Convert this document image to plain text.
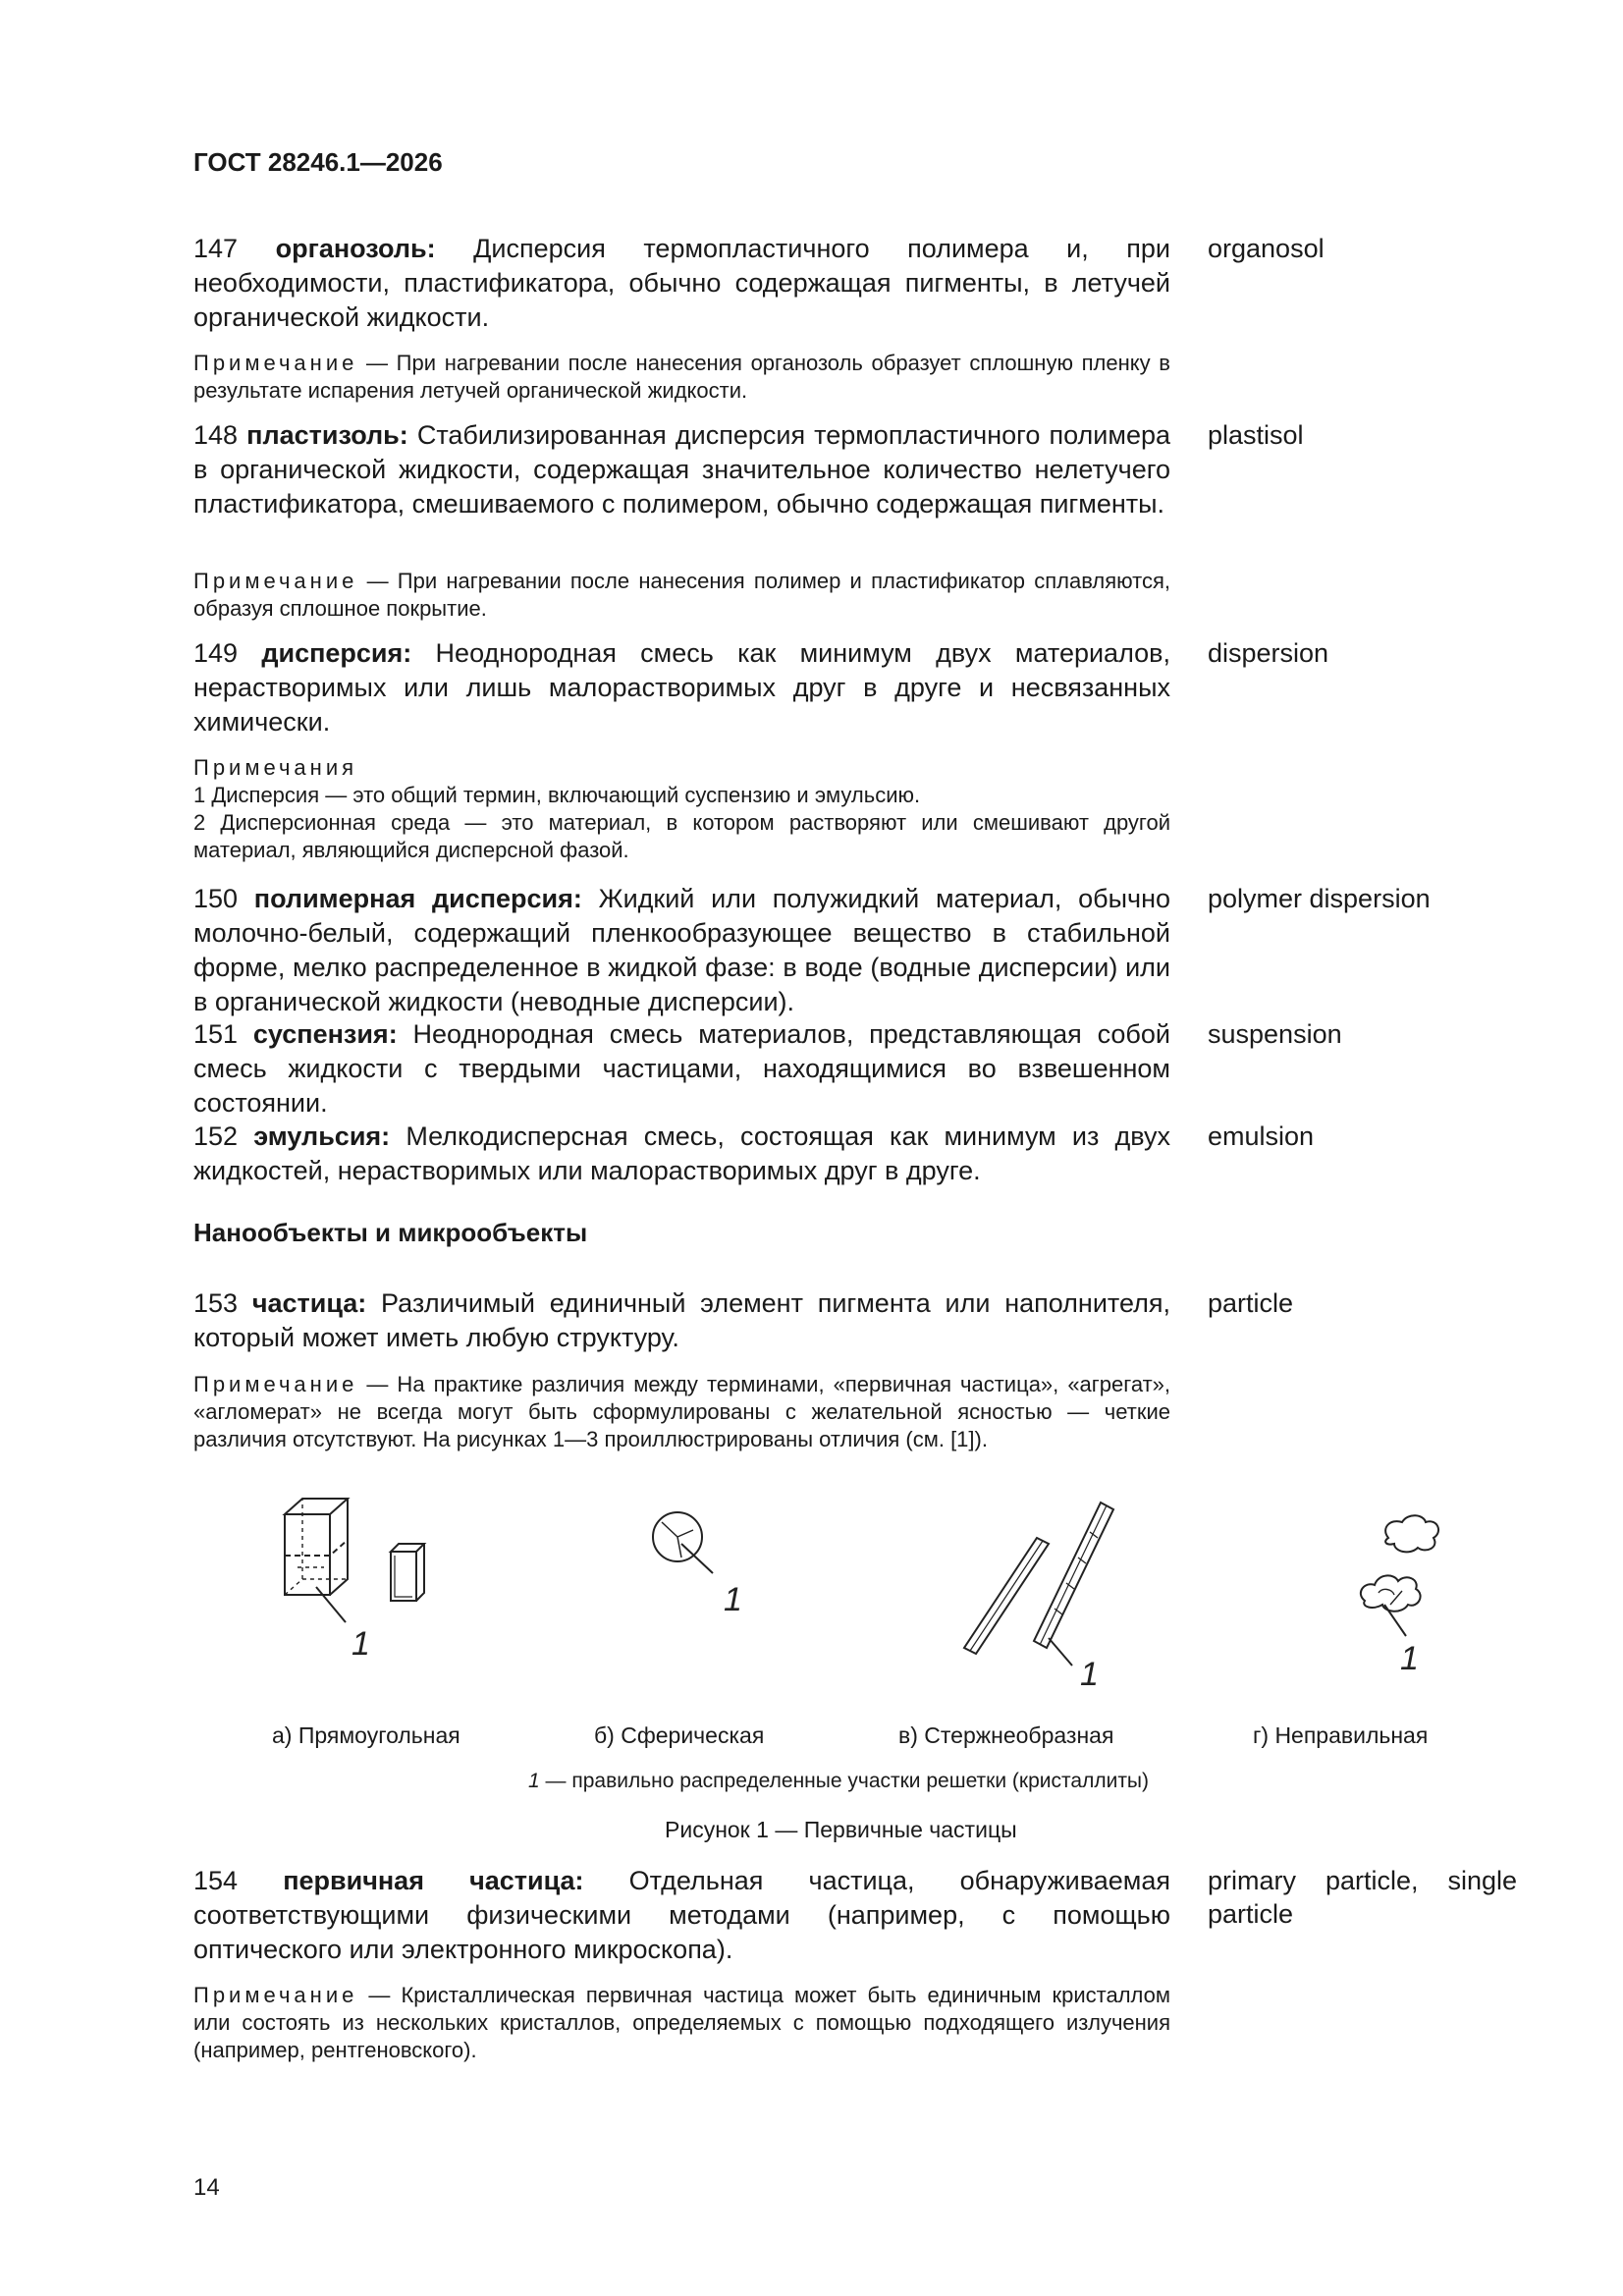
ГОСТ 28246.1—2026
147 органозоль: Дисперсия термопластичного полимера и, при необходимости, пластификатора, обычно содержащая пигменты, в летучей органической жидкости.
organosol
Примечание — При нагревании после нанесения органозоль образует сплошную пленку в результате испарения летучей органической жидкости.
148 пластизоль: Стабилизированная дисперсия термопластичного полимера в органической жидкости, содержащая значительное количество нелетучего пластификатора, смешиваемого с полимером, обычно содержащая пигменты.
plastisol
Примечание — При нагревании после нанесения полимер и пластификатор сплавляются, образуя сплошное покрытие.
149 дисперсия: Неоднородная смесь как минимум двух материалов, нерастворимых или лишь малорастворимых друг в друге и несвязанных химически.
dispersion
Примечания
1 Дисперсия — это общий термин, включающий суспензию и эмульсию.
2 Дисперсионная среда — это материал, в котором растворяют или смешивают другой материал, являющийся дисперсной фазой.
150 полимерная дисперсия: Жидкий или полужидкий материал, обычно молочно-белый, содержащий пленкообразующее вещество в стабильной форме, мелко распределенное в жидкой фазе: в воде (водные дисперсии) или в органической жидкости (неводные дисперсии).
polymer dispersion
151 суспензия: Неоднородная смесь материалов, представляющая собой смесь жидкости с твердыми частицами, находящимися во взвешенном состоянии.
suspension
152 эмульсия: Мелкодисперсная смесь, состоящая как минимум из двух жидкостей, нерастворимых или малорастворимых друг в друге.
emulsion
Нанообъекты и микрообъекты
153 частица: Различимый единичный элемент пигмента или наполнителя, который может иметь любую структуру.
particle
Примечание — На практике различия между терминами, «первичная частица», «агрегат», «агломерат» не всегда могут быть сформулированы с желательной ясностью — четкие различия отсутствуют. На рисунках 1—3 проиллюстрированы отличия (см. [1]).
1
1
1	1
а) Прямоугольная	б) Сферическая	в) Стержнеобразная	г) Неправильная
1 — правильно распределенные участки решетки (кристаллиты)
Рисунок 1 — Первичные частицы
154 первичная частица: Отдельная частица, обнаруживаемая соответствующими физическими методами (например, с помощью оптического или электронного микроскопа).
primary particle, single
particle
Примечание — Кристаллическая первичная частица может быть единичным кристаллом или состоять из нескольких кристаллов, определяемых с помощью подходящего излучения (например, рентгеновского).
14
